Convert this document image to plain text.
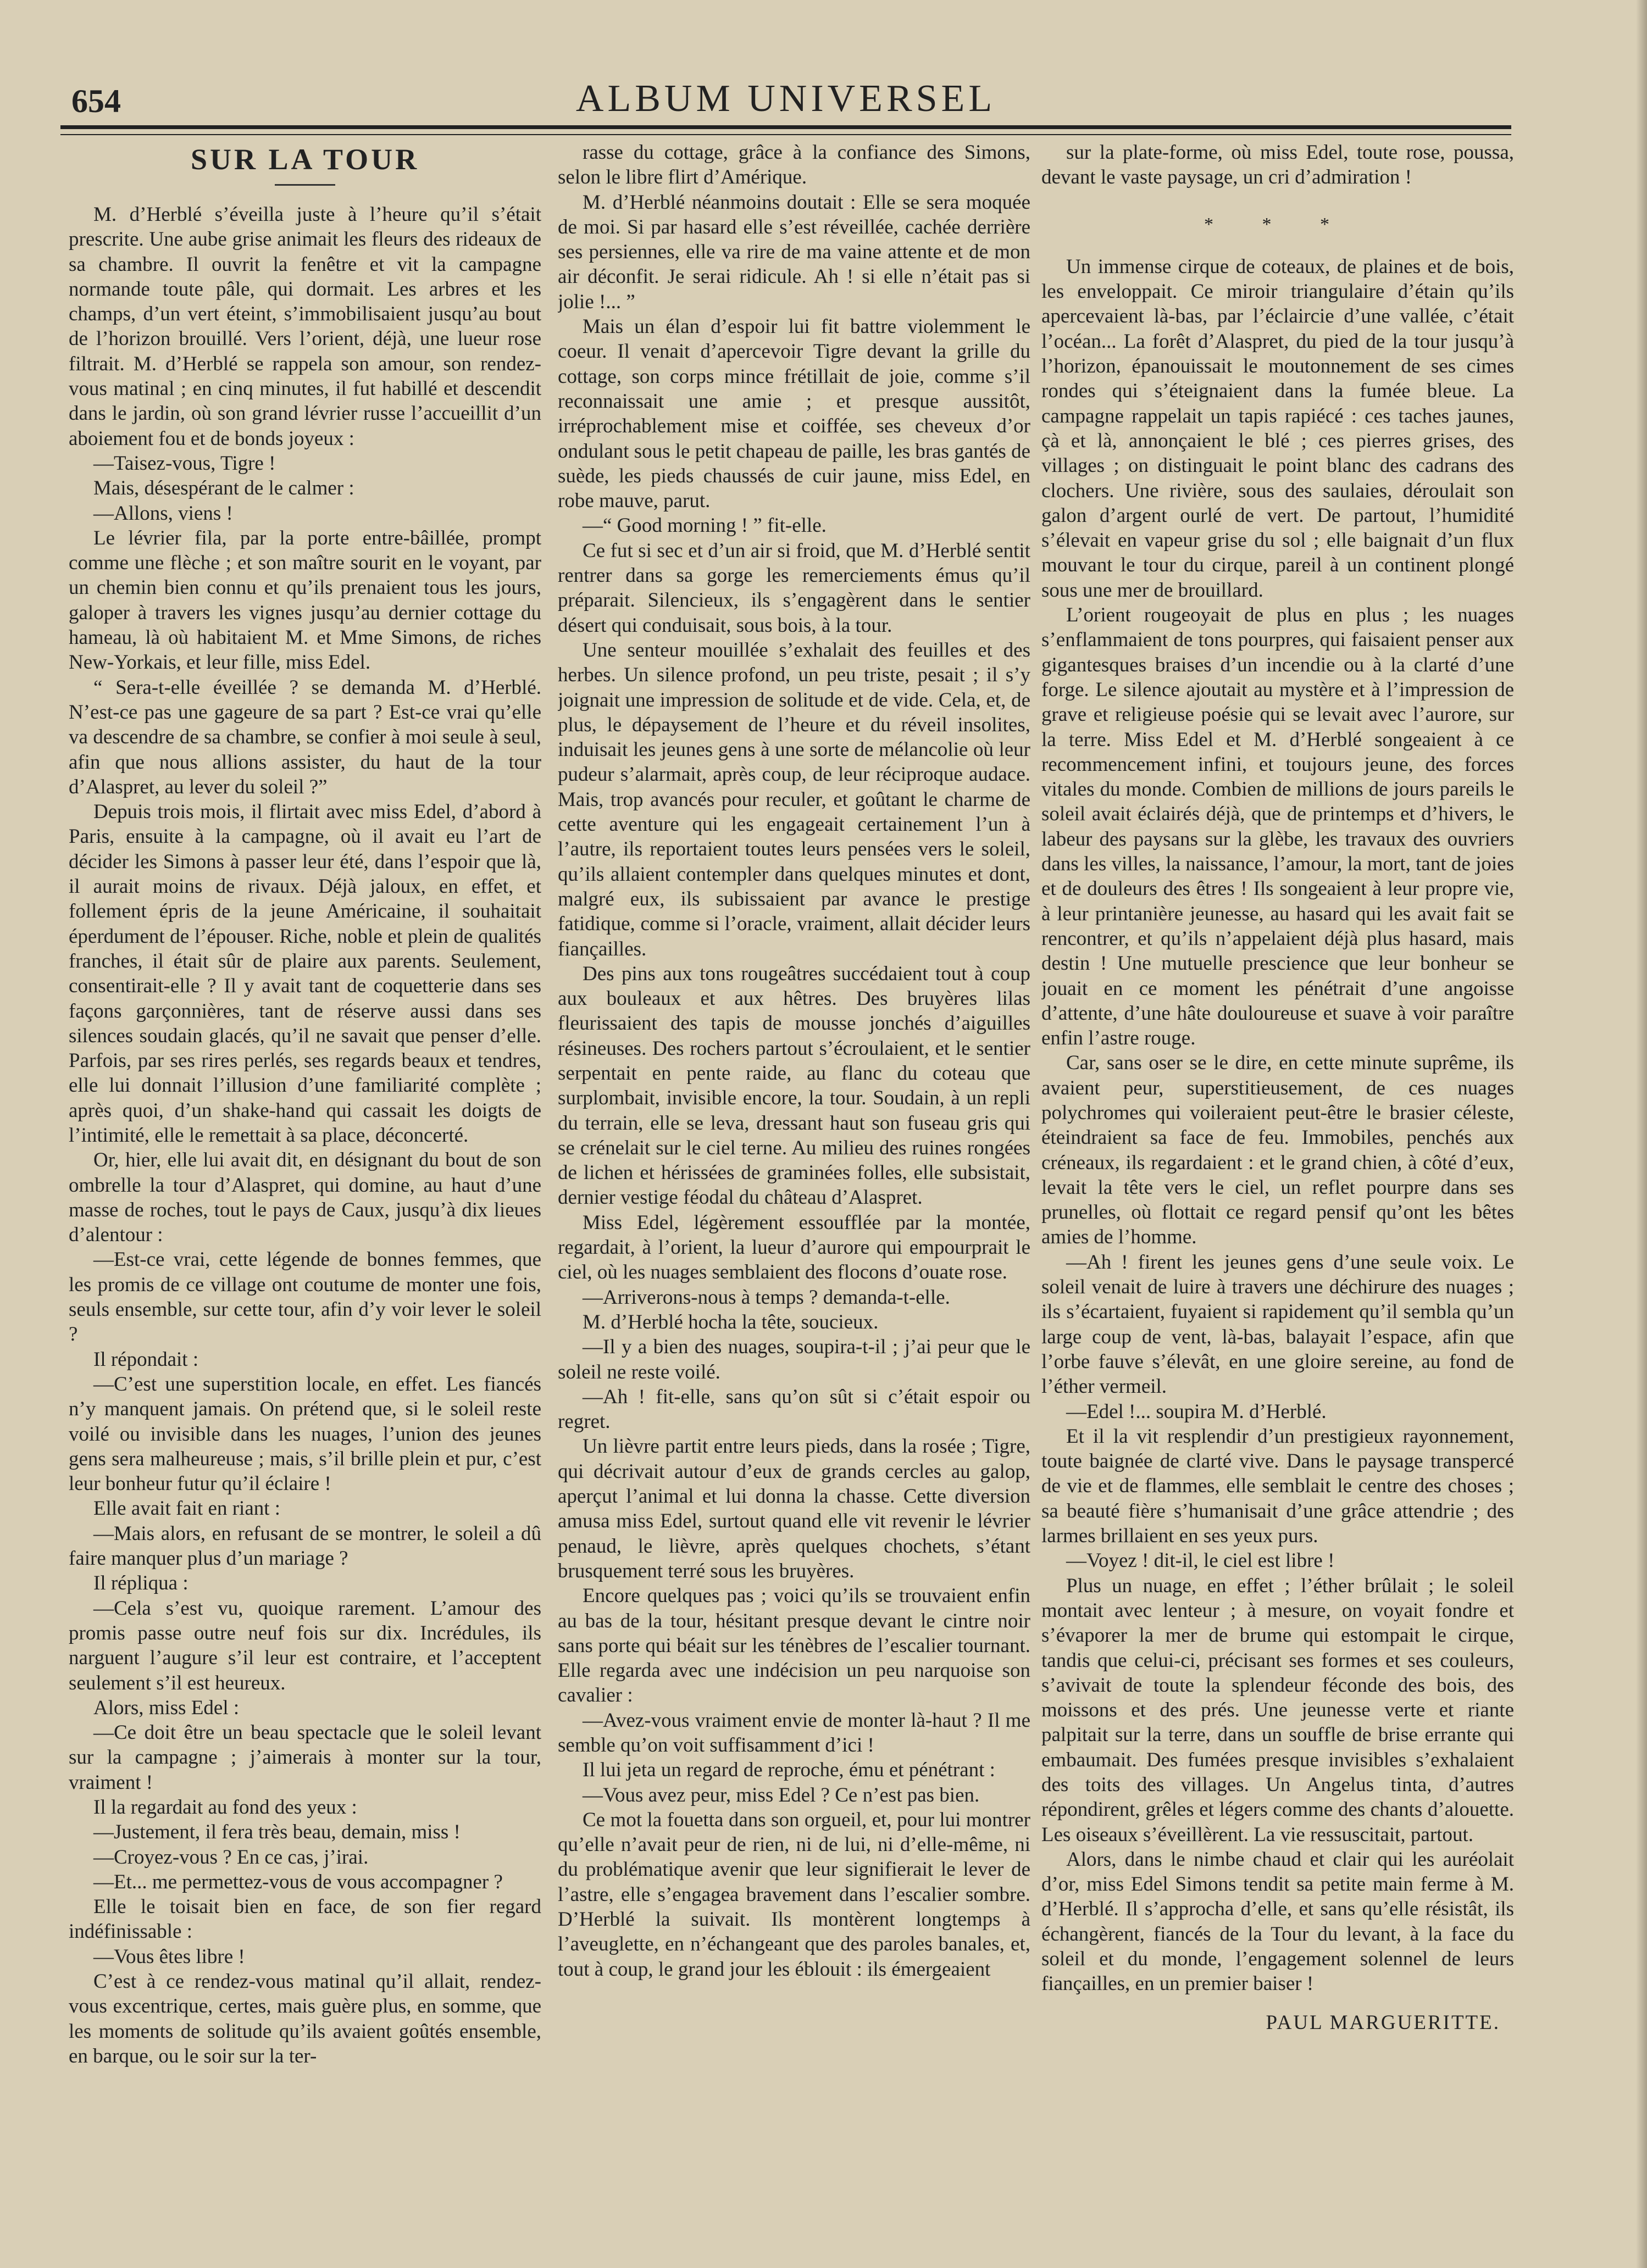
654	ALBUM UNIVERSEL
SUR LA TOUR

M. d’Herblé s’éveilla juste à l’heure qu’il s’était prescrite. Une aube grise animait les fleurs des rideaux de sa chambre. Il ouvrit la fenêtre et vit la campagne normande toute pâle, qui dormait. Les arbres et les champs, d’un vert éteint, s’immobilisaient jusqu’au bout de l’horizon brouillé. Vers l’orient, déjà, une lueur rose filtrait. M. d’Herblé se rappela son amour, son rendez-vous matinal ; en cinq minutes, il fut habillé et descendit dans le jardin, où son grand lévrier russe l’accueillit d’un aboiement fou et de bonds joyeux :

—Taisez-vous, Tigre !

Mais, désespérant de le calmer :

—Allons, viens !

Le lévrier fila, par la porte entre-bâillée, prompt comme une flèche ; et son maître sourit en le voyant, par un chemin bien connu et qu’ils prenaient tous les jours, galoper à travers les vignes jusqu’au dernier cottage du hameau, là où habitaient M. et Mme Simons, de riches New-Yorkais, et leur fille, miss Edel.

“ Sera-t-elle éveillée ? se demanda M. d’Herblé. N’est-ce pas une gageure de sa part ? Est-ce vrai qu’elle va descendre de sa chambre, se confier à moi seule à seul, afin que nous allions assister, du haut de la tour d’Alaspret, au lever du soleil ?”

Depuis trois mois, il flirtait avec miss Edel, d’abord à Paris, ensuite à la campagne, où il avait eu l’art de décider les Simons à passer leur été, dans l’espoir que là, il aurait moins de rivaux. Déjà jaloux, en effet, et follement épris de la jeune Américaine, il souhaitait éperdument de l’épouser. Riche, noble et plein de qualités franches, il était sûr de plaire aux parents. Seulement, consentirait-elle ? Il y avait tant de coquetterie dans ses façons garçonnières, tant de réserve aussi dans ses silences soudain glacés, qu’il ne savait que penser d’elle. Parfois, par ses rires perlés, ses regards beaux et tendres, elle lui donnait l’illusion d’une familiarité complète ; après quoi, d’un shake-hand qui cassait les doigts de l’intimité, elle le remettait à sa place, déconcerté.

Or, hier, elle lui avait dit, en désignant du bout de son ombrelle la tour d’Alaspret, qui domine, au haut d’une masse de roches, tout le pays de Caux, jusqu’à dix lieues d’alentour :

—Est-ce vrai, cette légende de bonnes femmes, que les promis de ce village ont coutume de monter une fois, seuls ensemble, sur cette tour, afin d’y voir lever le soleil ?

Il répondait :

—C’est une superstition locale, en effet. Les fiancés n’y manquent jamais. On prétend que, si le soleil reste voilé ou invisible dans les nuages, l’union des jeunes gens sera malheureuse ; mais, s’il brille plein et pur, c’est leur bonheur futur qu’il éclaire !

Elle avait fait en riant :

—Mais alors, en refusant de se montrer, le soleil a dû faire manquer plus d’un mariage ?

Il répliqua :

—Cela s’est vu, quoique rarement. L’amour des promis passe outre neuf fois sur dix. Incrédules, ils narguent l’augure s’il leur est contraire, et l’acceptent seulement s’il est heureux.

Alors, miss Edel :

—Ce doit être un beau spectacle que le soleil levant sur la campagne ; j’aimerais à monter sur la tour, vraiment !

Il la regardait au fond des yeux :

—Justement, il fera très beau, demain, miss !

—Croyez-vous ? En ce cas, j’irai.

—Et... me permettez-vous de vous accompagner ?

Elle le toisait bien en face, de son fier regard indéfinissable :

—Vous êtes libre !

C’est à ce rendez-vous matinal qu’il allait, rendez-vous excentrique, certes, mais guère plus, en somme, que les moments de solitude qu’ils avaient goûtés ensemble, en barque, ou le soir sur la ter-

rasse du cottage, grâce à la confiance des Simons, selon le libre flirt d’Amérique.

M. d’Herblé néanmoins doutait : Elle se sera moquée de moi. Si par hasard elle s’est réveillée, cachée derrière ses persiennes, elle va rire de ma vaine attente et de mon air déconfit. Je serai ridicule. Ah ! si elle n’était pas si jolie !... ”

Mais un élan d’espoir lui fit battre violemment le coeur. Il venait d’apercevoir Tigre devant la grille du cottage, son corps mince frétillait de joie, comme s’il reconnaissait une amie ; et presque aussitôt, irréprochablement mise et coiffée, ses cheveux d’or ondulant sous le petit chapeau de paille, les bras gantés de suède, les pieds chaussés de cuir jaune, miss Edel, en robe mauve, parut.

—“ Good morning ! ” fit-elle.

Ce fut si sec et d’un air si froid, que M. d’Herblé sentit rentrer dans sa gorge les remerciements émus qu’il préparait. Silencieux, ils s’engagèrent dans le sentier désert qui conduisait, sous bois, à la tour.

Une senteur mouillée s’exhalait des feuilles et des herbes. Un silence profond, un peu triste, pesait ; il s’y joignait une impression de solitude et de vide. Cela, et, de plus, le dépaysement de l’heure et du réveil insolites, induisait les jeunes gens à une sorte de mélancolie où leur pudeur s’alarmait, après coup, de leur réciproque audace. Mais, trop avancés pour reculer, et goûtant le charme de cette aventure qui les engageait certainement l’un à l’autre, ils reportaient toutes leurs pensées vers le soleil, qu’ils allaient contempler dans quelques minutes et dont, malgré eux, ils subissaient par avance le prestige fatidique, comme si l’oracle, vraiment, allait décider leurs fiançailles.

Des pins aux tons rougeâtres succédaient tout à coup aux bouleaux et aux hêtres. Des bruyères lilas fleurissaient des tapis de mousse jonchés d’aiguilles résineuses. Des rochers partout s’écroulaient, et le sentier serpentait en pente raide, au flanc du coteau que surplombait, invisible encore, la tour. Soudain, à un repli du terrain, elle se leva, dressant haut son fuseau gris qui se crénelait sur le ciel terne. Au milieu des ruines rongées de lichen et hérissées de graminées folles, elle subsistait, dernier vestige féodal du château d’Alaspret.

Miss Edel, légèrement essoufflée par la montée, regardait, à l’orient, la lueur d’aurore qui empourprait le ciel, où les nuages semblaient des flocons d’ouate rose.

—Arriverons-nous à temps ? demanda-t-elle.

M. d’Herblé hocha la tête, soucieux.

—Il y a bien des nuages, soupira-t-il ; j’ai peur que le soleil ne reste voilé.

—Ah ! fit-elle, sans qu’on sût si c’était espoir ou regret.

Un lièvre partit entre leurs pieds, dans la rosée ; Tigre, qui décrivait autour d’eux de grands cercles au galop, aperçut l’animal et lui donna la chasse. Cette diversion amusa miss Edel, surtout quand elle vit revenir le lévrier penaud, le lièvre, après quelques chochets, s’étant brusquement terré sous les bruyères.

Encore quelques pas ; voici qu’ils se trouvaient enfin au bas de la tour, hésitant presque devant le cintre noir sans porte qui béait sur les ténèbres de l’escalier tournant. Elle regarda avec une indécision un peu narquoise son cavalier :

—Avez-vous vraiment envie de monter là-haut ? Il me semble qu’on voit suffisamment d’ici !

Il lui jeta un regard de reproche, ému et pénétrant :

—Vous avez peur, miss Edel ? Ce n’est pas bien.

Ce mot la fouetta dans son orgueil, et, pour lui montrer qu’elle n’avait peur de rien, ni de lui, ni d’elle-même, ni du problématique avenir que leur signifierait le lever de l’astre, elle s’engagea bravement dans l’escalier sombre. D’Herblé la suivait. Ils montèrent longtemps à l’aveuglette, en n’échangeant que des paroles banales, et, tout à coup, le grand jour les éblouit : ils émergeaient

sur la plate-forme, où miss Edel, toute rose, poussa, devant le vaste paysage, un cri d’admiration !

* * *

Un immense cirque de coteaux, de plaines et de bois, les enveloppait. Ce miroir triangulaire d’étain qu’ils apercevaient là-bas, par l’éclaircie d’une vallée, c’était l’océan... La forêt d’Alaspret, du pied de la tour jusqu’à l’horizon, épanouissait le moutonnement de ses cimes rondes qui s’éteignaient dans la fumée bleue. La campagne rappelait un tapis rapiécé : ces taches jaunes, çà et là, annonçaient le blé ; ces pierres grises, des villages ; on distinguait le point blanc des cadrans des clochers. Une rivière, sous des saulaies, déroulait son galon d’argent ourlé de vert. De partout, l’humidité s’élevait en vapeur grise du sol ; elle baignait d’un flux mouvant le tour du cirque, pareil à un continent plongé sous une mer de brouillard.

L’orient rougeoyait de plus en plus ; les nuages s’enflammaient de tons pourpres, qui faisaient penser aux gigantesques braises d’un incendie ou à la clarté d’une forge. Le silence ajoutait au mystère et à l’impression de grave et religieuse poésie qui se levait avec l’aurore, sur la terre. Miss Edel et M. d’Herblé songeaient à ce recommencement infini, et toujours jeune, des forces vitales du monde. Combien de millions de jours pareils le soleil avait éclairés déjà, que de printemps et d’hivers, le labeur des paysans sur la glèbe, les travaux des ouvriers dans les villes, la naissance, l’amour, la mort, tant de joies et de douleurs des êtres ! Ils songeaient à leur propre vie, à leur printanière jeunesse, au hasard qui les avait fait se rencontrer, et qu’ils n’appelaient déjà plus hasard, mais destin ! Une mutuelle prescience que leur bonheur se jouait en ce moment les pénétrait d’une angoisse d’attente, d’une hâte douloureuse et suave à voir paraître enfin l’astre rouge.

Car, sans oser se le dire, en cette minute suprême, ils avaient peur, superstitieusement, de ces nuages polychromes qui voileraient peut-être le brasier céleste, éteindraient sa face de feu. Immobiles, penchés aux créneaux, ils regardaient : et le grand chien, à côté d’eux, levait la tête vers le ciel, un reflet pourpre dans ses prunelles, où flottait ce regard pensif qu’ont les bêtes amies de l’homme.

—Ah ! firent les jeunes gens d’une seule voix. Le soleil venait de luire à travers une déchirure des nuages ; ils s’écartaient, fuyaient si rapidement qu’il sembla qu’un large coup de vent, là-bas, balayait l’espace, afin que l’orbe fauve s’élevât, en une gloire sereine, au fond de l’éther vermeil.

—Edel !... soupira M. d’Herblé.

Et il la vit resplendir d’un prestigieux rayonnement, toute baignée de clarté vive. Dans le paysage transpercé de vie et de flammes, elle semblait le centre des choses ; sa beauté fière s’humanisait d’une grâce attendrie ; des larmes brillaient en ses yeux purs.

—Voyez ! dit-il, le ciel est libre !

Plus un nuage, en effet ; l’éther brûlait ; le soleil montait avec lenteur ; à mesure, on voyait fondre et s’évaporer la mer de brume qui estompait le cirque, tandis que celui-ci, précisant ses formes et ses couleurs, s’avivait de toute la splendeur féconde des bois, des moissons et des prés. Une jeunesse verte et riante palpitait sur la terre, dans un souffle de brise errante qui embaumait. Des fumées presque invisibles s’exhalaient des toits des villages. Un Angelus tinta, d’autres répondirent, grêles et légers comme des chants d’alouette. Les oiseaux s’éveillèrent. La vie ressuscitait, partout.

Alors, dans le nimbe chaud et clair qui les auréolait d’or, miss Edel Simons tendit sa petite main ferme à M. d’Herblé. Il s’approcha d’elle, et sans qu’elle résistât, ils échangèrent, fiancés de la Tour du levant, à la face du soleil et du monde, l’engagement solennel de leurs fiançailles, en un premier baiser !

PAUL MARGUERITTE.
